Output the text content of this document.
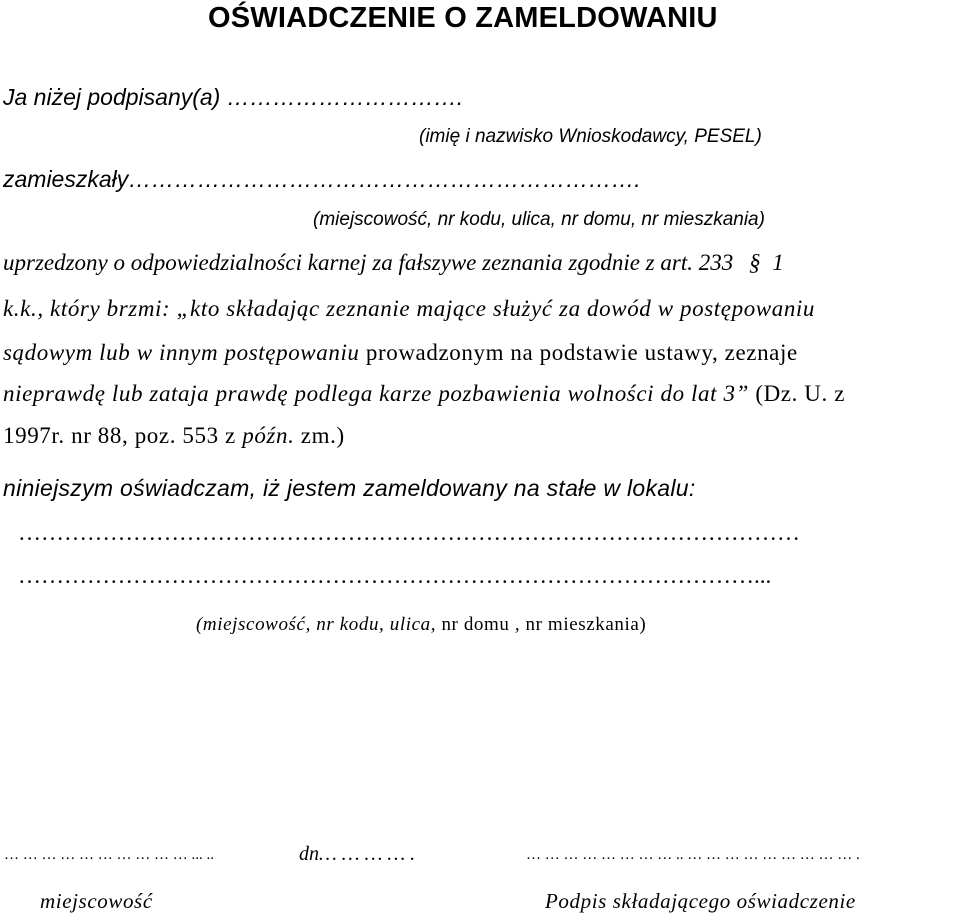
OŚWIADCZENIE O ZAMELDOWANIU
Ja niżej podpisany(a) ………………………….
(imię i nazwisko Wnioskodawcy, PESEL)
zamieszkały………………………………………………………….
(miejscowość, nr kodu, ulica, nr domu, nr mieszkania)
uprzedzony o odpowiedzialności karnej za fałszywe zeznania zgodnie z art. 233 § 1
k.k., który brzmi: „kto składając zeznanie mające służyć za dowód w postępowaniu
sądowym lub w innym postępowaniu prowadzonym na podstawie ustawy, zeznaje
nieprawdę lub zataja prawdę podlega karze pozbawienia wolności do lat 3” (Dz. U. z
1997r. nr 88, poz. 553 z późn. zm.)
niniejszym oświadczam, iż jestem zameldowany na stałe w lokalu:
…………………………………………………………………………………………
……………………………………………………………………………………...
(miejscowość, nr kodu, ulica, nr domu , nr mieszkania)
… … … … … … … … … … ... ..	dn… … … … .	… … … … … … … … .. … … … … … … … … … .
miejscowość	Podpis składającego oświadczenie
